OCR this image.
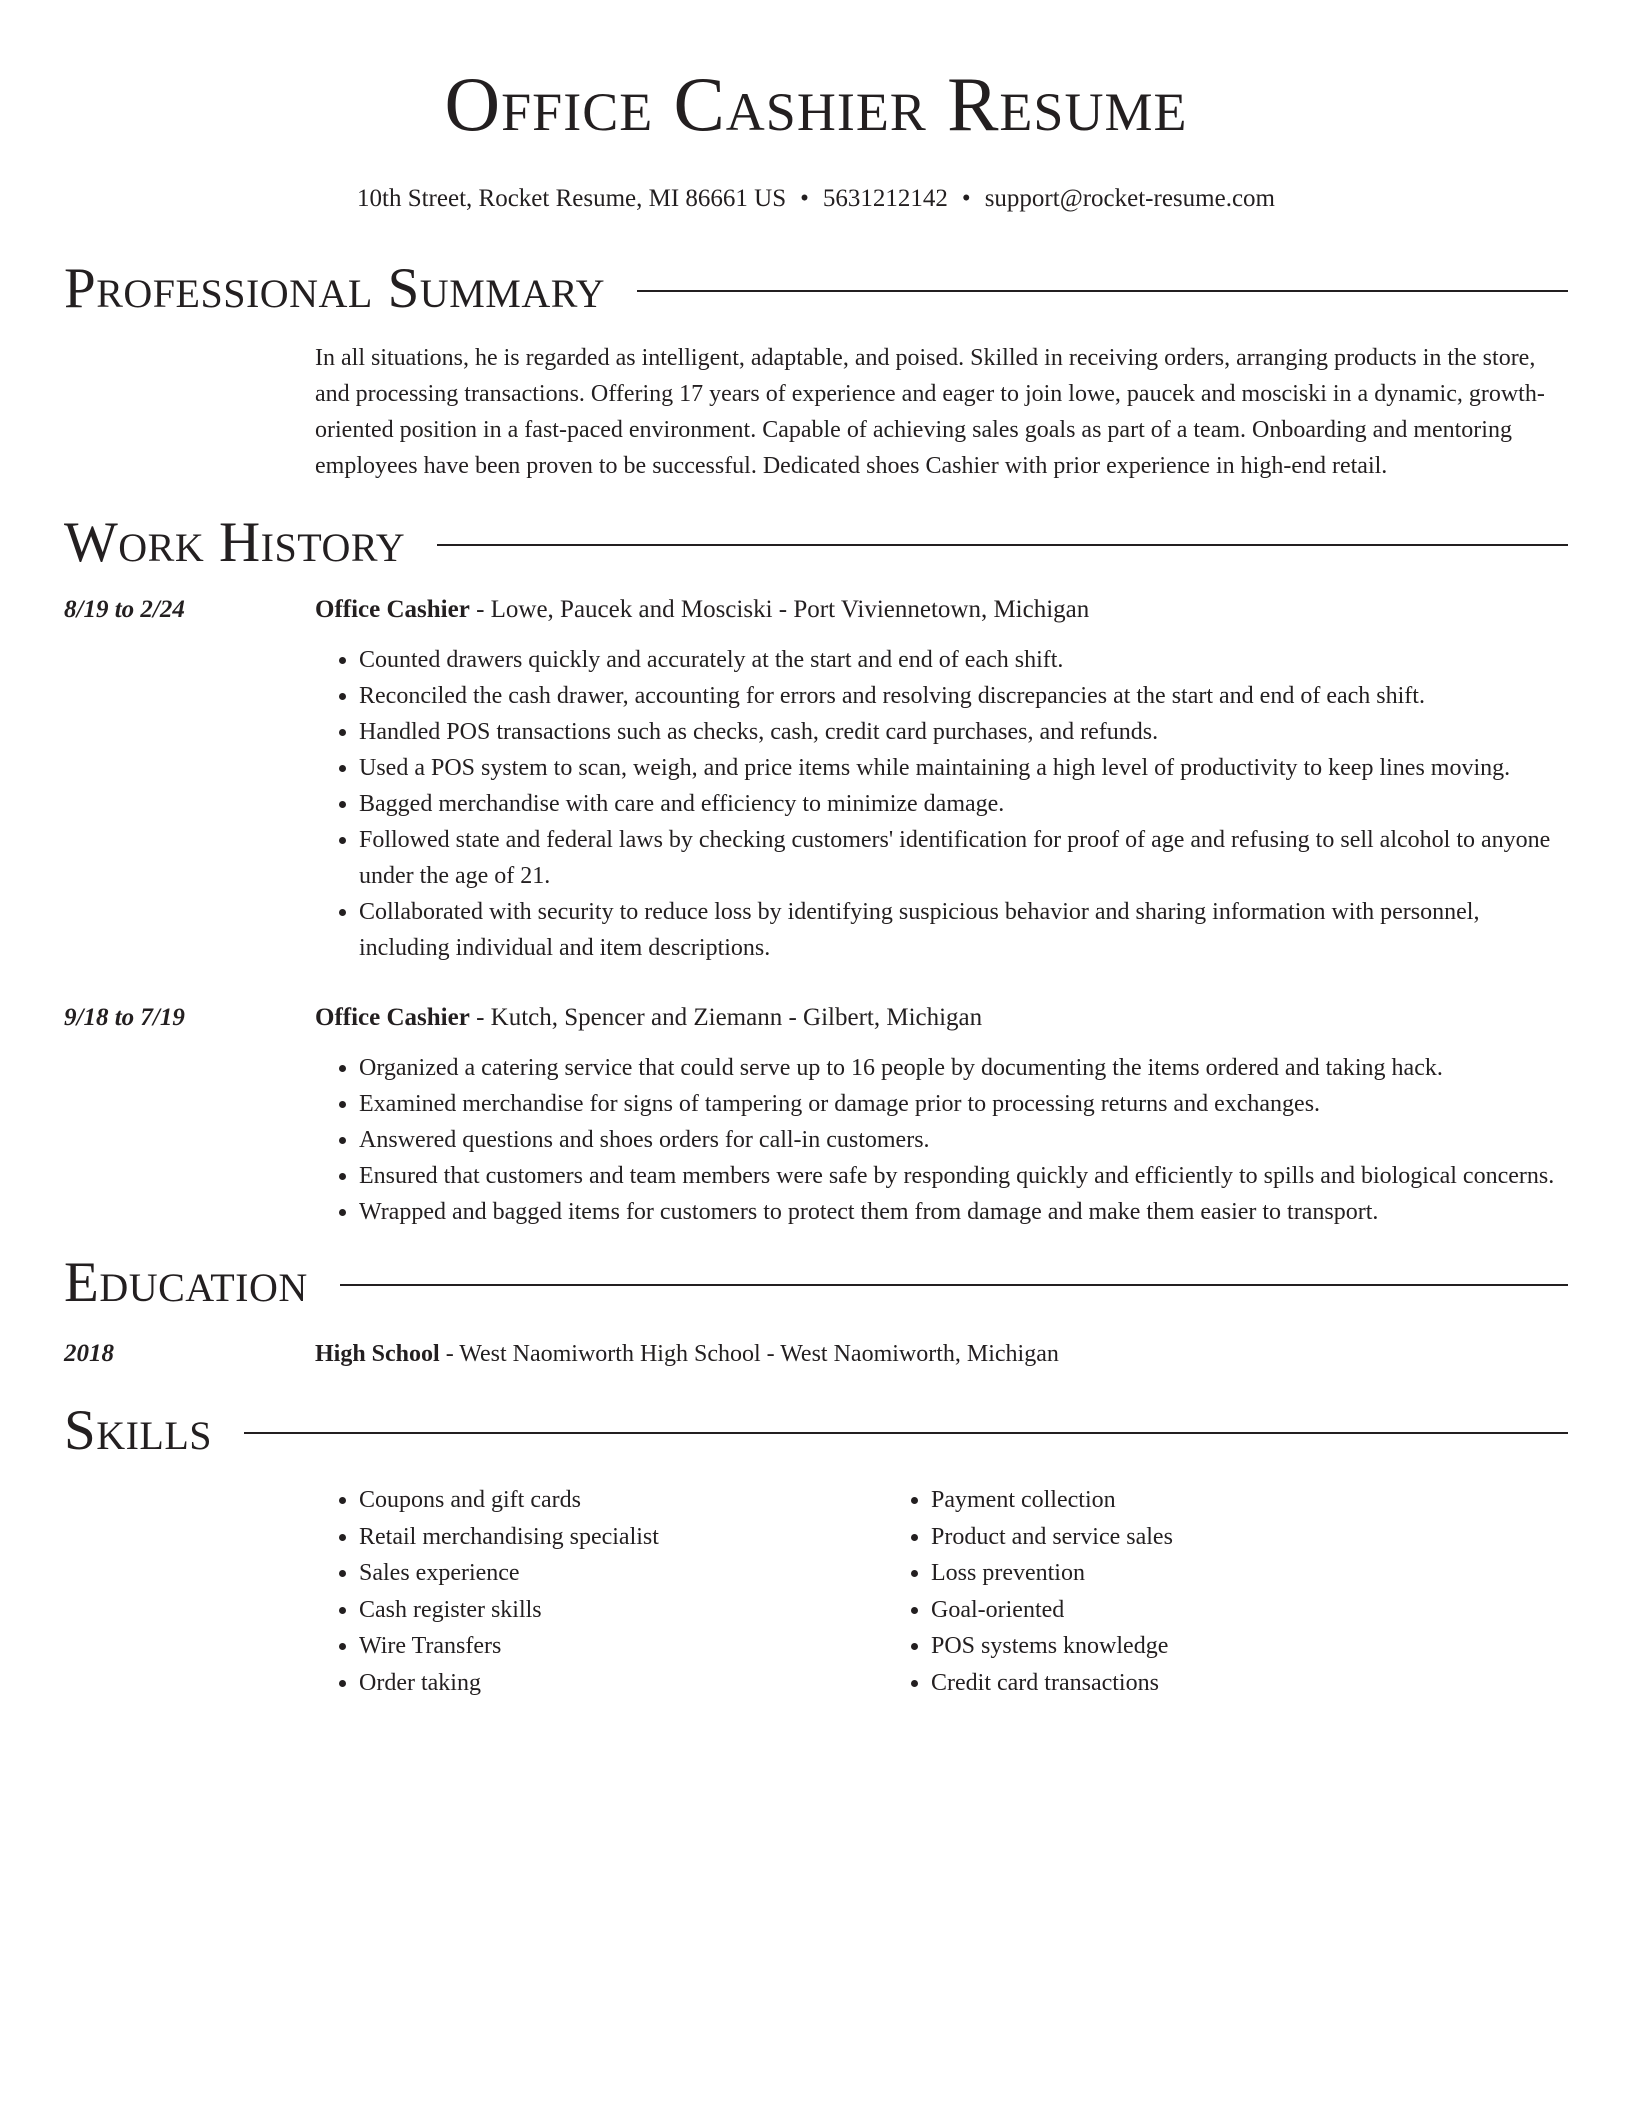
Office Cashier Resume
10th Street, Rocket Resume, MI 86661 US • 5631212142 • support@rocket-resume.com
Professional Summary
In all situations, he is regarded as intelligent, adaptable, and poised. Skilled in receiving orders, arranging products in the store, and processing transactions. Offering 17 years of experience and eager to join lowe, paucek and mosciski in a dynamic, growth-oriented position in a fast-paced environment. Capable of achieving sales goals as part of a team. Onboarding and mentoring employees have been proven to be successful. Dedicated shoes Cashier with prior experience in high-end retail.
Work History
8/19 to 2/24	Office Cashier - Lowe, Paucek and Mosciski - Port Viviennetown, Michigan
• Counted drawers quickly and accurately at the start and end of each shift.
• Reconciled the cash drawer, accounting for errors and resolving discrepancies at the start and end of each shift.
• Handled POS transactions such as checks, cash, credit card purchases, and refunds.
• Used a POS system to scan, weigh, and price items while maintaining a high level of productivity to keep lines moving.
• Bagged merchandise with care and efficiency to minimize damage.
• Followed state and federal laws by checking customers' identification for proof of age and refusing to sell alcohol to anyone under the age of 21.
• Collaborated with security to reduce loss by identifying suspicious behavior and sharing information with personnel, including individual and item descriptions.
9/18 to 7/19	Office Cashier - Kutch, Spencer and Ziemann - Gilbert, Michigan
• Organized a catering service that could serve up to 16 people by documenting the items ordered and taking hack.
• Examined merchandise for signs of tampering or damage prior to processing returns and exchanges.
• Answered questions and shoes orders for call-in customers.
• Ensured that customers and team members were safe by responding quickly and efficiently to spills and biological concerns.
• Wrapped and bagged items for customers to protect them from damage and make them easier to transport.
Education
2018	High School - West Naomiworth High School - West Naomiworth, Michigan
Skills
• Coupons and gift cards
• Retail merchandising specialist
• Sales experience
• Cash register skills
• Wire Transfers
• Order taking
• Payment collection
• Product and service sales
• Loss prevention
• Goal-oriented
• POS systems knowledge
• Credit card transactions
